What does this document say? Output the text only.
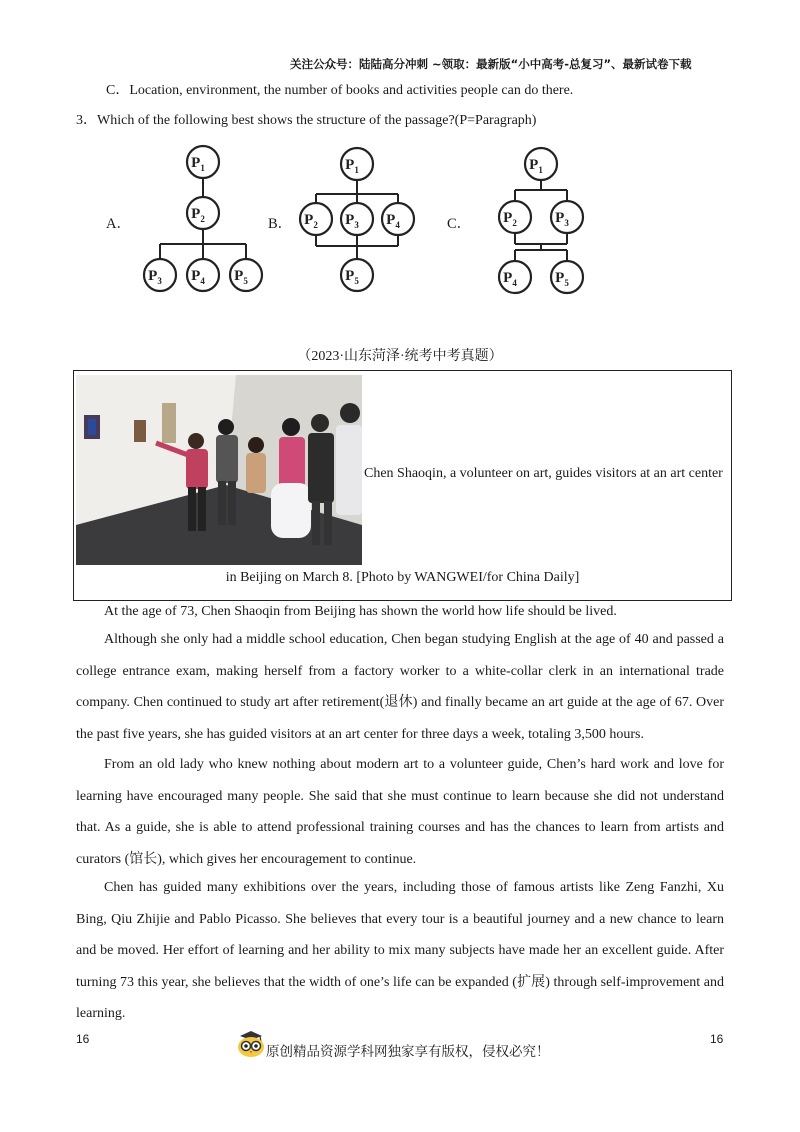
关注公众号：陆陆高分冲刺 ~领取：最新版“小中高考-总复习”、最新试卷下载
C．Location, environment, the number of books and activities people can do there.
3．Which of the following best shows the structure of the passage?(P=Paragraph)
A．	B．	C．
$P_1$
$P_2$
$P_3$ $P_4$ $P_5$
$P_1$
$P_2$ $P_3$ $P_4$
$P_5$
$P_1$
$P_2$	$P_3$
$P_4$	$P_5$
（2023·山东菏泽·统考中考真题）
Chen Shaoqin, a volunteer on art, guides visitors at an art center
in Beijing on March 8. [Photo by WANGWEI/for China Daily]
At the age of 73, Chen Shaoqin from Beijing has shown the world how life should be lived.
Although she only had a middle school education, Chen began studying English at the age of 40 and passed a college entrance exam, making herself from a factory worker to a white-collar clerk in an international trade company. Chen continued to study art after retirement(退休) and finally became an art guide at the age of 67. Over the past five years, she has guided visitors at an art center for three days a week, totaling 3,500 hours.
From an old lady who knew nothing about modern art to a volunteer guide, Chen’s hard work and love for learning have encouraged many people. She said that she must continue to learn because she did not understand that. As a guide, she is able to attend professional training courses and has the chances to learn from artists and curators (馆长), which gives her encouragement to continue.
Chen has guided many exhibitions over the years, including those of famous artists like Zeng Fanzhi, Xu Bing, Qiu Zhijie and Pablo Picasso. She believes that every tour is a beautiful journey and a new chance to learn and be moved. Her effort of learning and her ability to mix many subjects have made her an excellent guide. After turning 73 this year, she believes that the width of one’s life can be expanded (扩展) through self-improvement and learning.
16	16
原创精品资源学科网独家享有版权，侵权必究！
